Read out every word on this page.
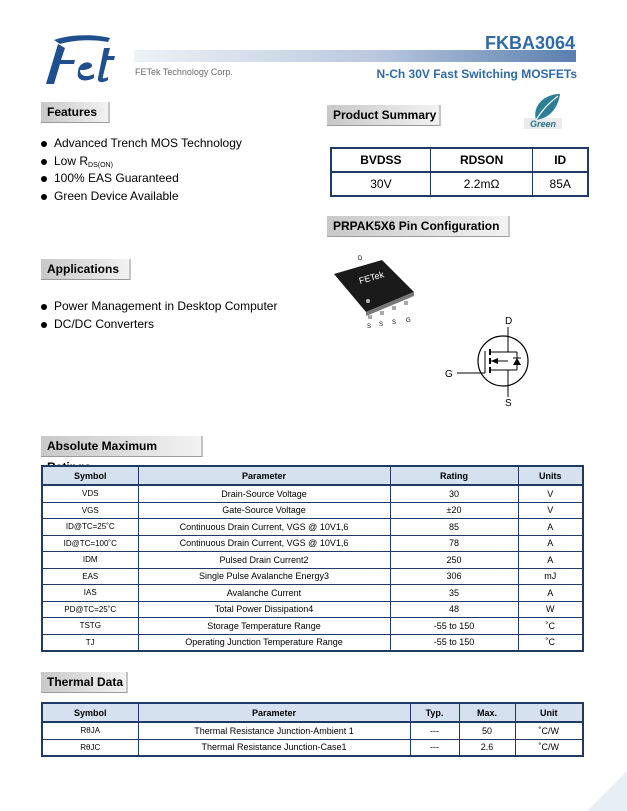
FETek Technology Corp.
FKBA3064
N-Ch 30V Fast Switching MOSFETs
Features
Advanced Trench MOS Technology
Low $R_{DS(ON)}$
100% EAS Guaranteed
Green Device Available
Applications
Power Management in Desktop Computer
DC/DC Converters
Product Summary
Green
BVDSS	RDSON	ID
30V	2.2mΩ	85A
PRPAK5X6 Pin Configuration
D
FETek
S S S G	D
G
S
Absolute Maximum
Symbol	Parameter	Rating	Units
VDS	Drain-Source Voltage	30	V
VGS	Gate-Source Voltage	±20	V
ID@TC=25˚C	Continuous Drain Current, VGS @ 10V1,6	85	A
ID@TC=100˚C	Continuous Drain Current, VGS @ 10V1,6	78	A
IDM	Pulsed Drain Current2	250	A
EAS	Single Pulse Avalanche Energy3	306	mJ
IAS	Avalanche Current	35	A
PD@TC=25˚C	Total Power Dissipation4	48	W
TSTG	Storage Temperature Range	-55 to 150	˚C
TJ	Operating Junction Temperature Range	-55 to 150	˚C
Thermal Data
Symbol	Parameter	Typ.	Max.	Unit
RθJA	Thermal Resistance Junction-Ambient 1	---	50	˚C/W
RθJC	Thermal Resistance Junction-Case1	---	2.6	˚C/W
